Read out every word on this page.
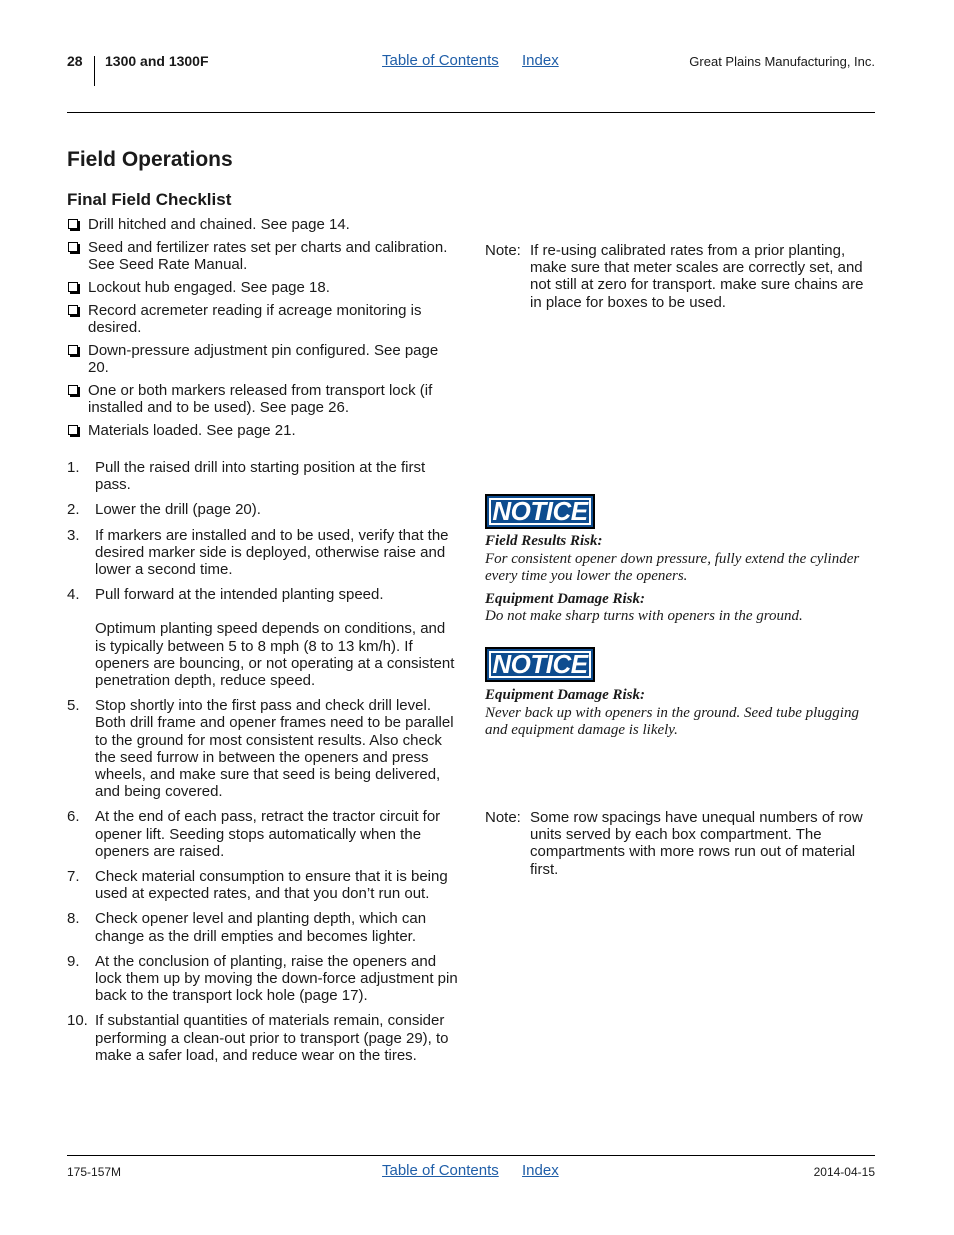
28 1300 and 1300F	Table of Contents Index	Great Plains Manufacturing, Inc.
Field Operations
Final Field Checklist
Drill hitched and chained. See page 14.
Seed and fertilizer rates set per charts and calibration. See Seed Rate Manual.
Lockout hub engaged. See page 18.
Record acremeter reading if acreage monitoring is desired.
Down-pressure adjustment pin configured. See page 20.
One or both markers released from transport lock (if installed and to be used). See page 26.
Materials loaded. See page 21.
1. Pull the raised drill into starting position at the first pass.
2. Lower the drill (page 20).
3. If markers are installed and to be used, verify that the desired marker side is deployed, otherwise raise and lower a second time.
4. Pull forward at the intended planting speed.
Optimum planting speed depends on conditions, and is typically between 5 to 8 mph (8 to 13 km/h). If openers are bouncing, or not operating at a consistent penetration depth, reduce speed.
5. Stop shortly into the first pass and check drill level. Both drill frame and opener frames need to be parallel to the ground for most consistent results. Also check the seed furrow in between the openers and press wheels, and make sure that seed is being delivered, and being covered.
6. At the end of each pass, retract the tractor circuit for opener lift. Seeding stops automatically when the openers are raised.
7. Check material consumption to ensure that it is being used at expected rates, and that you don’t run out.
8. Check opener level and planting depth, which can change as the drill empties and becomes lighter.
9. At the conclusion of planting, raise the openers and lock them up by moving the down-force adjustment pin back to the transport lock hole (page 17).
10. If substantial quantities of materials remain, consider performing a clean-out prior to transport (page 29), to make a safer load, and reduce wear on the tires.
Note: If re-using calibrated rates from a prior planting, make sure that meter scales are correctly set, and not still at zero for transport. make sure chains are in place for boxes to be used.
NOTICE
Field Results Risk:
For consistent opener down pressure, fully extend the cylinder every time you lower the openers.
Equipment Damage Risk:
Do not make sharp turns with openers in the ground.
NOTICE
Equipment Damage Risk:
Never back up with openers in the ground. Seed tube plugging and equipment damage is likely.
Note: Some row spacings have unequal numbers of row units served by each box compartment. The compartments with more rows run out of material first.
175-157M	Table of Contents Index	2014-04-15
